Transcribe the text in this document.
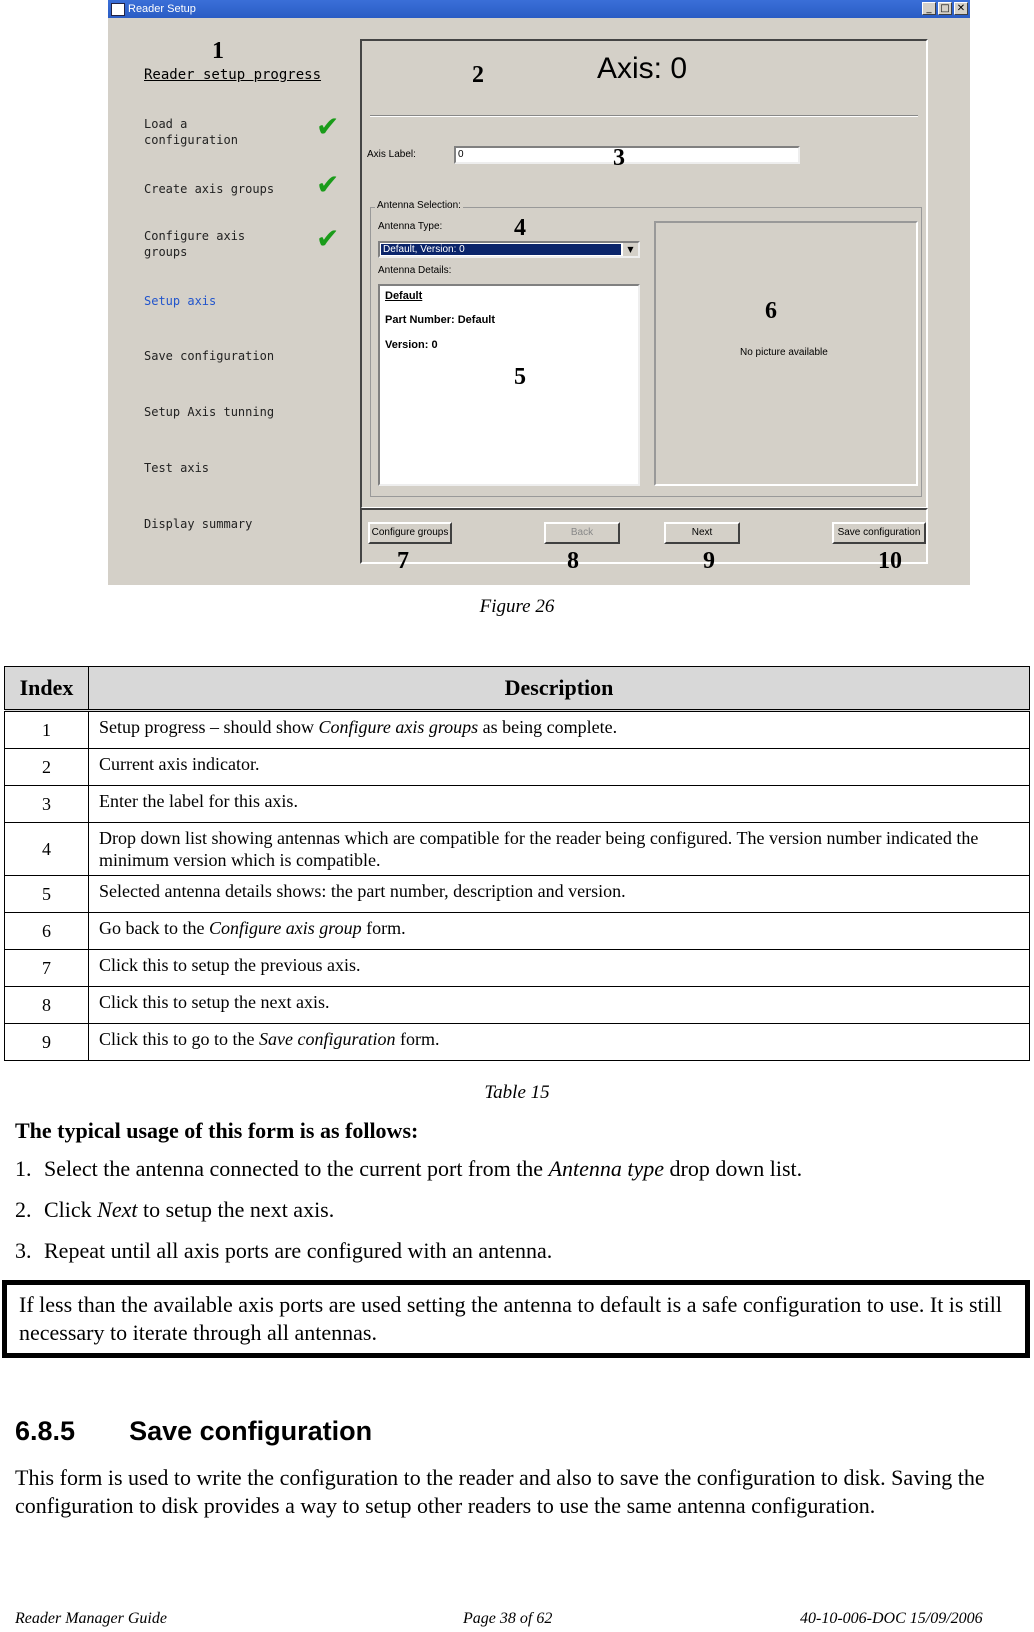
Reader Setup	_ □ ✕
Reader setup progress
Load a
configuration
Create axis groups
Configure axis
groups
Setup axis
Save configuration
Setup Axis tunning
Test axis
Display summary
✔
✔
✔
Axis: 0
Axis Label:	0
Antenna Selection:
Antenna Type:
Default, Version: 0	▼
Antenna Details:
Default
Part Number: Default
Version: 0
No picture available
Configure groups	Back	Next	Save configuration
1
2
3
4
5
6
7	8	9	10
Figure 26
Index	Description
1	Setup progress – should show Configure axis groups as being complete.
2	Current axis indicator.
3	Enter the label for this axis.
4	Drop down list showing antennas which are compatible for the reader being configured. The version number indicated the minimum version which is compatible.
5	Selected antenna details shows: the part number, description and version.
6	Go back to the Configure axis group form.
7	Click this to setup the previous axis.
8	Click this to setup the next axis.
9	Click this to go to the Save configuration form.
Table 15
The typical usage of this form is as follows:
1. Select the antenna connected to the current port from the Antenna type drop down list.
2. Click Next to setup the next axis.
3. Repeat until all axis ports are configured with an antenna.
If less than the available axis ports are used setting the antenna to default is a safe configuration to use. It is still necessary to iterate through all antennas.
6.8.5 Save configuration
This form is used to write the configuration to the reader and also to save the configuration to disk. Saving the configuration to disk provides a way to setup other readers to use the same antenna configuration.
Reader Manager Guide	Page 38 of 62	40-10-006-DOC 15/09/2006
